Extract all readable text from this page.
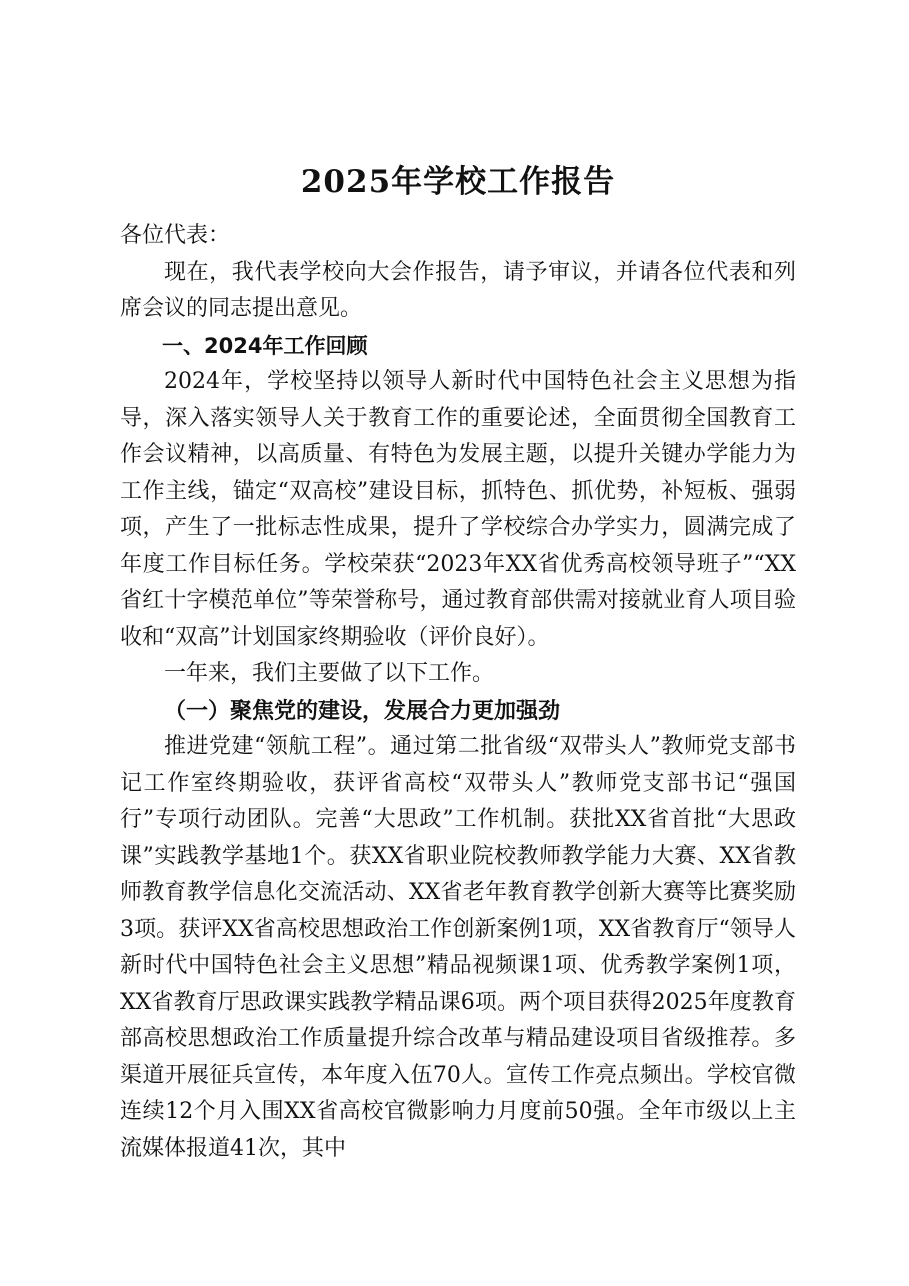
2025年学校工作报告

各位代表：

现在，我代表学校向大会作报告，请予审议，并请各位代表和列席会议的同志提出意见。

一、2024年工作回顾

2024年，学校坚持以领导人新时代中国特色社会主义思想为指导，深入落实领导人关于教育工作的重要论述，全面贯彻全国教育工作会议精神，以高质量、有特色为发展主题，以提升关键办学能力为工作主线，锚定“双高校”建设目标，抓特色、抓优势，补短板、强弱项，产生了一批标志性成果，提升了学校综合办学实力，圆满完成了年度工作目标任务。学校荣获“2023年XX省优秀高校领导班子”“XX省红十字模范单位”等荣誉称号，通过教育部供需对接就业育人项目验收和“双高”计划国家终期验收（评价良好）。

一年来，我们主要做了以下工作。

（一）聚焦党的建设，发展合力更加强劲

推进党建“领航工程”。通过第二批省级“双带头人”教师党支部书记工作室终期验收，获评省高校“双带头人”教师党支部书记“强国行”专项行动团队。完善“大思政”工作机制。获批XX省首批“大思政课”实践教学基地1个。获XX省职业院校教师教学能力大赛、XX省教师教育教学信息化交流活动、XX省老年教育教学创新大赛等比赛奖励3项。获评XX省高校思想政治工作创新案例1项，XX省教育厅“领导人新时代中国特色社会主义思想”精品视频课1项、优秀教学案例1项，XX省教育厅思政课实践教学精品课6项。两个项目获得2025年度教育部高校思想政治工作质量提升综合改革与精品建设项目省级推荐。多渠道开展征兵宣传，本年度入伍70人。宣传工作亮点频出。学校官微连续12个月入围XX省高校官微影响力月度前50强。全年市级以上主流媒体报道41次，其中
